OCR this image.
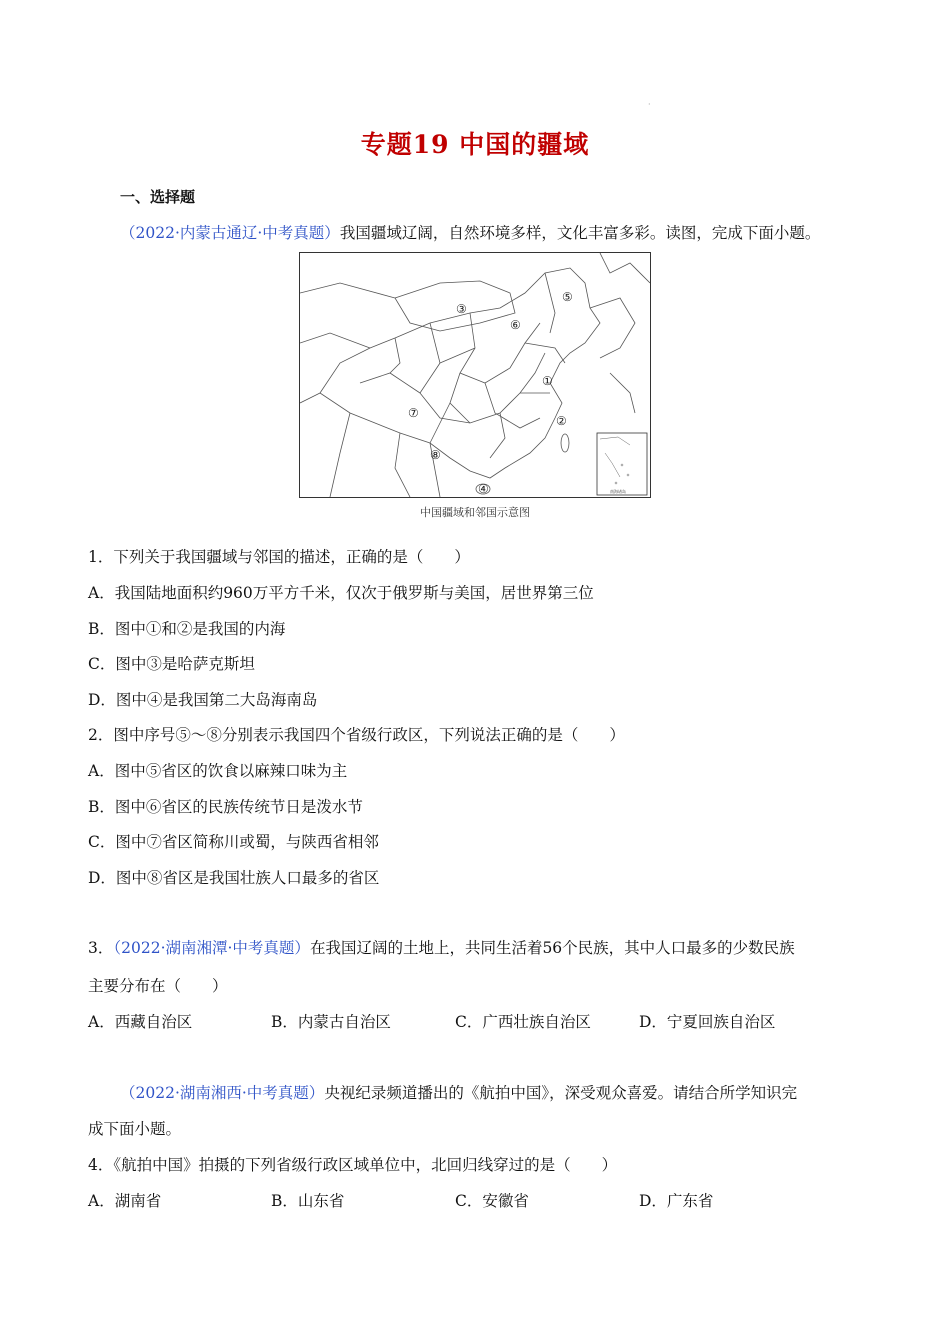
·
专题19 中国的疆域
一、选择题
（2022·内蒙古通辽·中考真题）我国疆域辽阔，自然环境多样，文化丰富多彩。读图，完成下面小题。
③
⑤
⑥
①
⑦
②
⑧
④	南海诸岛
中国疆域和邻国示意图
1．下列关于我国疆域与邻国的描述，正确的是（　　）
A．我国陆地面积约960万平方千米，仅次于俄罗斯与美国，居世界第三位
B．图中①和②是我国的内海
C．图中③是哈萨克斯坦
D．图中④是我国第二大岛海南岛
2．图中序号⑤～⑧分别表示我国四个省级行政区，下列说法正确的是（　　）
A．图中⑤省区的饮食以麻辣口味为主
B．图中⑥省区的民族传统节日是泼水节
C．图中⑦省区简称川或蜀，与陕西省相邻
D．图中⑧省区是我国壮族人口最多的省区
3．（2022·湖南湘潭·中考真题）在我国辽阔的土地上，共同生活着56个民族，其中人口最多的少数民族
主要分布在（　　）
A．西藏自治区	B．内蒙古自治区	C．广西壮族自治区	D．宁夏回族自治区
（2022·湖南湘西·中考真题）央视纪录频道播出的《航拍中国》，深受观众喜爱。请结合所学知识完
成下面小题。
4．《航拍中国》拍摄的下列省级行政区域单位中，北回归线穿过的是（　　）
A．湖南省	B．山东省	C．安徽省	D．广东省
